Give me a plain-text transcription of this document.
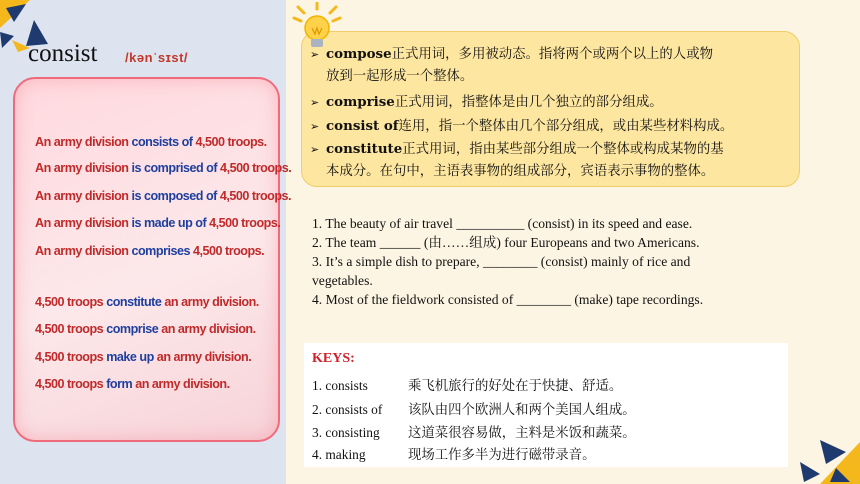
consist /kənˈsɪst/
An army division consists of 4,500 troops.
An army division is comprised of 4,500 troops.
An army division is composed of 4,500 troops.
An army division is made up of 4,500 troops.
An army division comprises 4,500 troops.
4,500 troops constitute an army division.
4,500 troops comprise an army division.
4,500 troops make up an army division.
4,500 troops form an army division.
➢ compose正式用词，多用被动态。指将两个或两个以上的人或物
放到一起形成一个整体。
➢ comprise正式用词，指整体是由几个独立的部分组成。
➢ consist of连用，指一个整体由几个部分组成，或由某些材料构成。
➢ constitute正式用词，指由某些部分组成一个整体或构成某物的基
本成分。在句中，主语表事物的组成部分，宾语表示事物的整体。
1. The beauty of air travel __________ (consist) in its speed and ease.
2. The team ______ (由……组成) four Europeans and two Americans.
3. It’s a simple dish to prepare, ________ (consist) mainly of rice and
vegetables.
4. Most of the fieldwork consisted of ________ (make) tape recordings.
KEYS:
1. consists	乘飞机旅行的好处在于快捷、舒适。
2. consists of 该队由四个欧洲人和两个美国人组成。
3. consisting 这道菜很容易做，主料是米饭和蔬菜。
4. making	现场工作多半为进行磁带录音。
